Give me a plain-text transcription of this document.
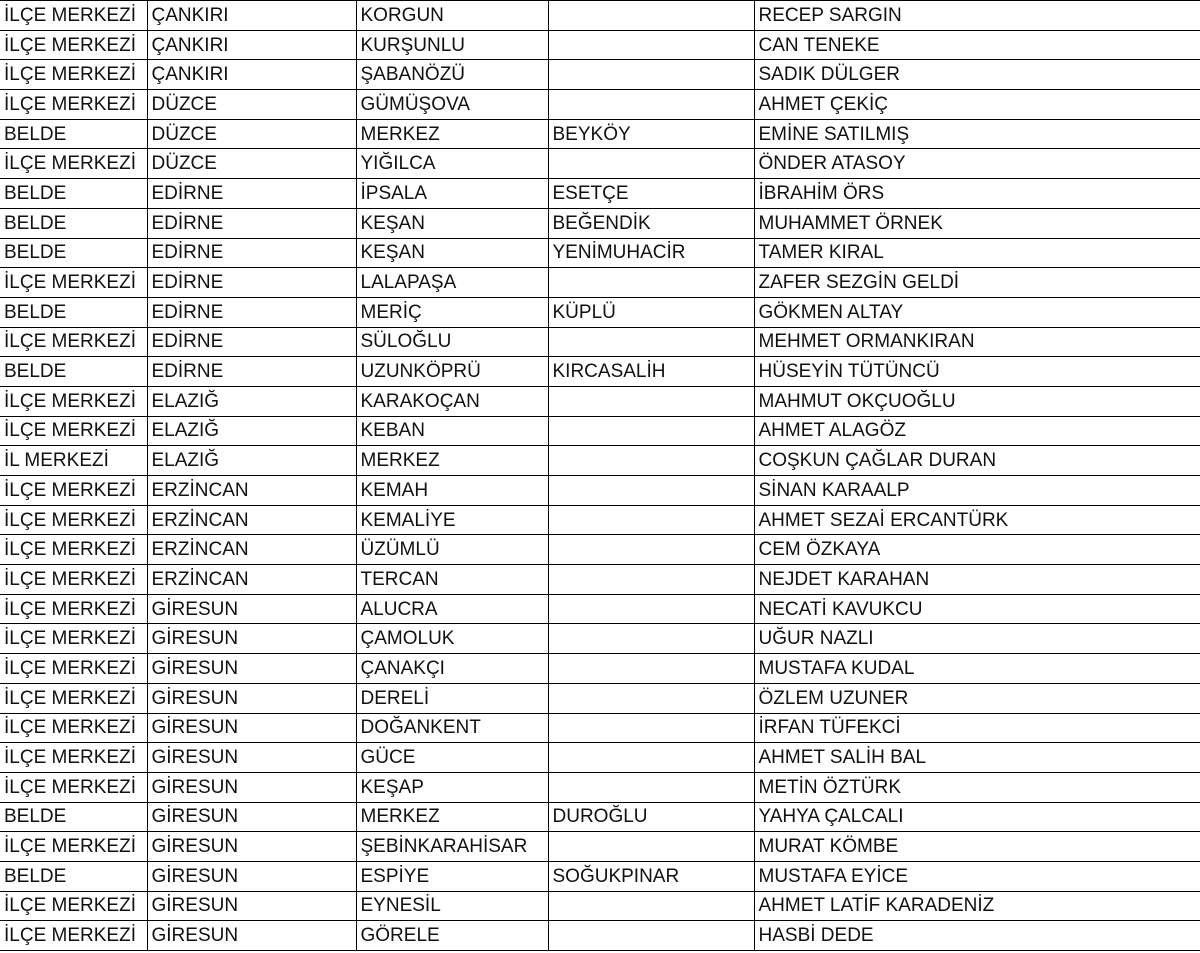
İLÇE MERKEZİ	ÇANKIRI	KORGUN		RECEP SARGIN
İLÇE MERKEZİ	ÇANKIRI	KURŞUNLU		CAN TENEKE
İLÇE MERKEZİ	ÇANKIRI	ŞABANÖZÜ		SADIK DÜLGER
İLÇE MERKEZİ	DÜZCE	GÜMÜŞOVA		AHMET ÇEKİÇ
BELDE	DÜZCE	MERKEZ	BEYKÖY	EMİNE SATILMIŞ
İLÇE MERKEZİ	DÜZCE	YIĞILCA		ÖNDER ATASOY
BELDE	EDİRNE	İPSALA	ESETÇE	İBRAHİM ÖRS
BELDE	EDİRNE	KEŞAN	BEĞENDİK	MUHAMMET ÖRNEK
BELDE	EDİRNE	KEŞAN	YENİMUHACİR	TAMER KIRAL
İLÇE MERKEZİ	EDİRNE	LALAPAŞA		ZAFER SEZGİN GELDİ
BELDE	EDİRNE	MERİÇ	KÜPLÜ	GÖKMEN ALTAY
İLÇE MERKEZİ	EDİRNE	SÜLOĞLU		MEHMET ORMANKIRAN
BELDE	EDİRNE	UZUNKÖPRÜ	KIRCASALİH	HÜSEYİN TÜTÜNCÜ
İLÇE MERKEZİ	ELAZIĞ	KARAKOÇAN		MAHMUT OKÇUOĞLU
İLÇE MERKEZİ	ELAZIĞ	KEBAN		AHMET ALAGÖZ
İL MERKEZİ	ELAZIĞ	MERKEZ		COŞKUN ÇAĞLAR DURAN
İLÇE MERKEZİ	ERZİNCAN	KEMAH		SİNAN KARAALP
İLÇE MERKEZİ	ERZİNCAN	KEMALİYE		AHMET SEZAİ ERCANTÜRK
İLÇE MERKEZİ	ERZİNCAN	ÜZÜMLÜ		CEM ÖZKAYA
İLÇE MERKEZİ	ERZİNCAN	TERCAN		NEJDET KARAHAN
İLÇE MERKEZİ	GİRESUN	ALUCRA		NECATİ KAVUKCU
İLÇE MERKEZİ	GİRESUN	ÇAMOLUK		UĞUR NAZLI
İLÇE MERKEZİ	GİRESUN	ÇANAKÇI		MUSTAFA KUDAL
İLÇE MERKEZİ	GİRESUN	DERELİ		ÖZLEM UZUNER
İLÇE MERKEZİ	GİRESUN	DOĞANKENT		İRFAN TÜFEKCİ
İLÇE MERKEZİ	GİRESUN	GÜCE		AHMET SALİH BAL
İLÇE MERKEZİ	GİRESUN	KEŞAP		METİN ÖZTÜRK
BELDE	GİRESUN	MERKEZ	DUROĞLU	YAHYA ÇALCALI
İLÇE MERKEZİ	GİRESUN	ŞEBİNKARAHİSAR		MURAT KÖMBE
BELDE	GİRESUN	ESPİYE	SOĞUKPINAR	MUSTAFA EYİCE
İLÇE MERKEZİ	GİRESUN	EYNESİL		AHMET LATİF KARADENİZ
İLÇE MERKEZİ	GİRESUN	GÖRELE		HASBİ DEDE
